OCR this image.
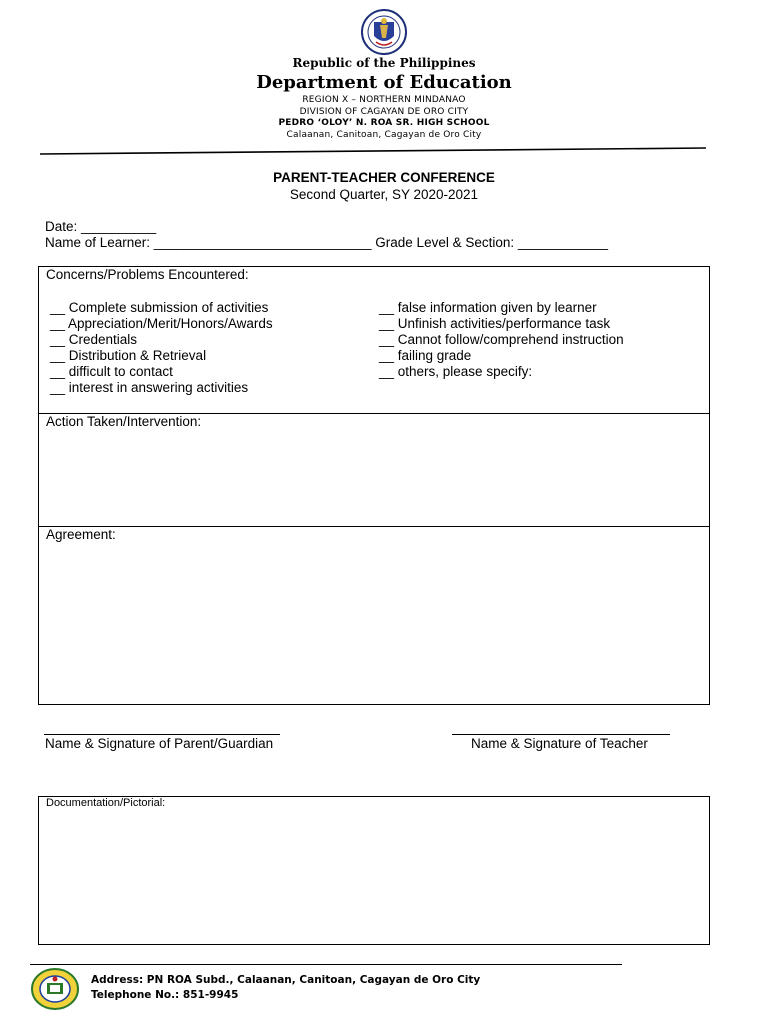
Republic of the Philippines
Department of Education
REGION X – NORTHERN MINDANAO
DIVISION OF CAGAYAN DE ORO CITY
PEDRO ‘OLOY’ N. ROA SR. HIGH SCHOOL
Calaanan, Canitoan, Cagayan de Oro City
PARENT-TEACHER CONFERENCE
Second Quarter, SY 2020-2021
Date: __________
Name of Learner: _____________________________ Grade Level & Section: ____________
Concerns/Problems Encountered:
__ Complete submission of activities
__ Appreciation/Merit/Honors/Awards
__ Credentials
__ Distribution & Retrieval
__ difficult to contact
__ interest in answering activities
__ false information given by learner
__ Unfinish activities/performance task
__ Cannot follow/comprehend instruction
__ failing grade
__ others, please specify:
Action Taken/Intervention:
Agreement:
Name & Signature of Parent/Guardian	Name & Signature of Teacher
Documentation/Pictorial:
Address: PN ROA Subd., Calaanan, Canitoan, Cagayan de Oro City
Telephone No.: 851-9945
